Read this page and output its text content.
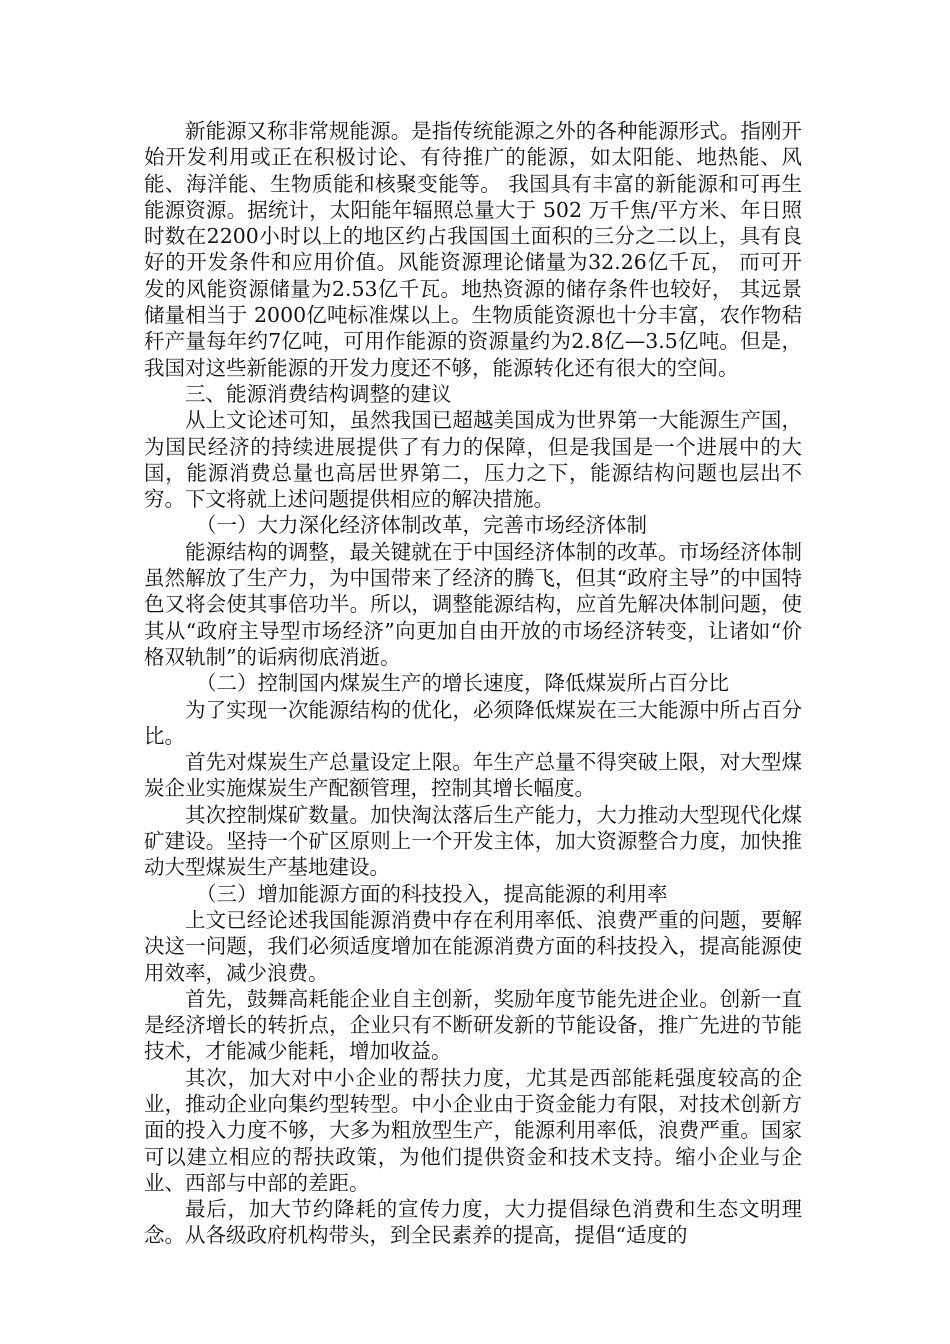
新能源又称非常规能源。是指传统能源之外的各种能源形式。指刚开始开发利用或正在积极讨论、有待推广的能源，如太阳能、地热能、风能、海洋能、生物质能和核聚变能等。 我国具有丰富的新能源和可再生能源资源。据统计，太阳能年辐照总量大于 502 万千焦/平方米、年日照时数在2200小时以上的地区约占我国国土面积的三分之二以上，具有良好的开发条件和应用价值。风能资源理论储量为32.26亿千瓦， 而可开发的风能资源储量为2.53亿千瓦。地热资源的储存条件也较好， 其远景储量相当于 2000亿吨标准煤以上。生物质能资源也十分丰富，农作物秸秆产量每年约7亿吨，可用作能源的资源量约为2.8亿—3.5亿吨。但是，我国对这些新能源的开发力度还不够，能源转化还有很大的空间。

三、能源消费结构调整的建议

从上文论述可知，虽然我国已超越美国成为世界第一大能源生产国，为国民经济的持续进展提供了有力的保障，但是我国是一个进展中的大国，能源消费总量也高居世界第二，压力之下，能源结构问题也层出不穷。下文将就上述问题提供相应的解决措施。

（一）大力深化经济体制改革，完善市场经济体制

能源结构的调整，最关键就在于中国经济体制的改革。市场经济体制虽然解放了生产力，为中国带来了经济的腾飞，但其“政府主导”的中国特色又将会使其事倍功半。所以，调整能源结构，应首先解决体制问题，使其从“政府主导型市场经济”向更加自由开放的市场经济转变，让诸如“价格双轨制”的诟病彻底消逝。

（二）控制国内煤炭生产的增长速度，降低煤炭所占百分比

为了实现一次能源结构的优化，必须降低煤炭在三大能源中所占百分比。

首先对煤炭生产总量设定上限。年生产总量不得突破上限，对大型煤炭企业实施煤炭生产配额管理，控制其增长幅度。

其次控制煤矿数量。加快淘汰落后生产能力，大力推动大型现代化煤矿建设。坚持一个矿区原则上一个开发主体，加大资源整合力度，加快推动大型煤炭生产基地建设。

（三）增加能源方面的科技投入，提高能源的利用率

上文已经论述我国能源消费中存在利用率低、浪费严重的问题，要解决这一问题，我们必须适度增加在能源消费方面的科技投入，提高能源使用效率，减少浪费。

首先，鼓舞高耗能企业自主创新，奖励年度节能先进企业。创新一直是经济增长的转折点，企业只有不断研发新的节能设备，推广先进的节能技术，才能减少能耗，增加收益。

其次，加大对中小企业的帮扶力度，尤其是西部能耗强度较高的企业，推动企业向集约型转型。中小企业由于资金能力有限，对技术创新方面的投入力度不够，大多为粗放型生产，能源利用率低，浪费严重。国家可以建立相应的帮扶政策，为他们提供资金和技术支持。缩小企业与企业、西部与中部的差距。

最后，加大节约降耗的宣传力度，大力提倡绿色消费和生态文明理念。从各级政府机构带头，到全民素养的提高，提倡“适度的
